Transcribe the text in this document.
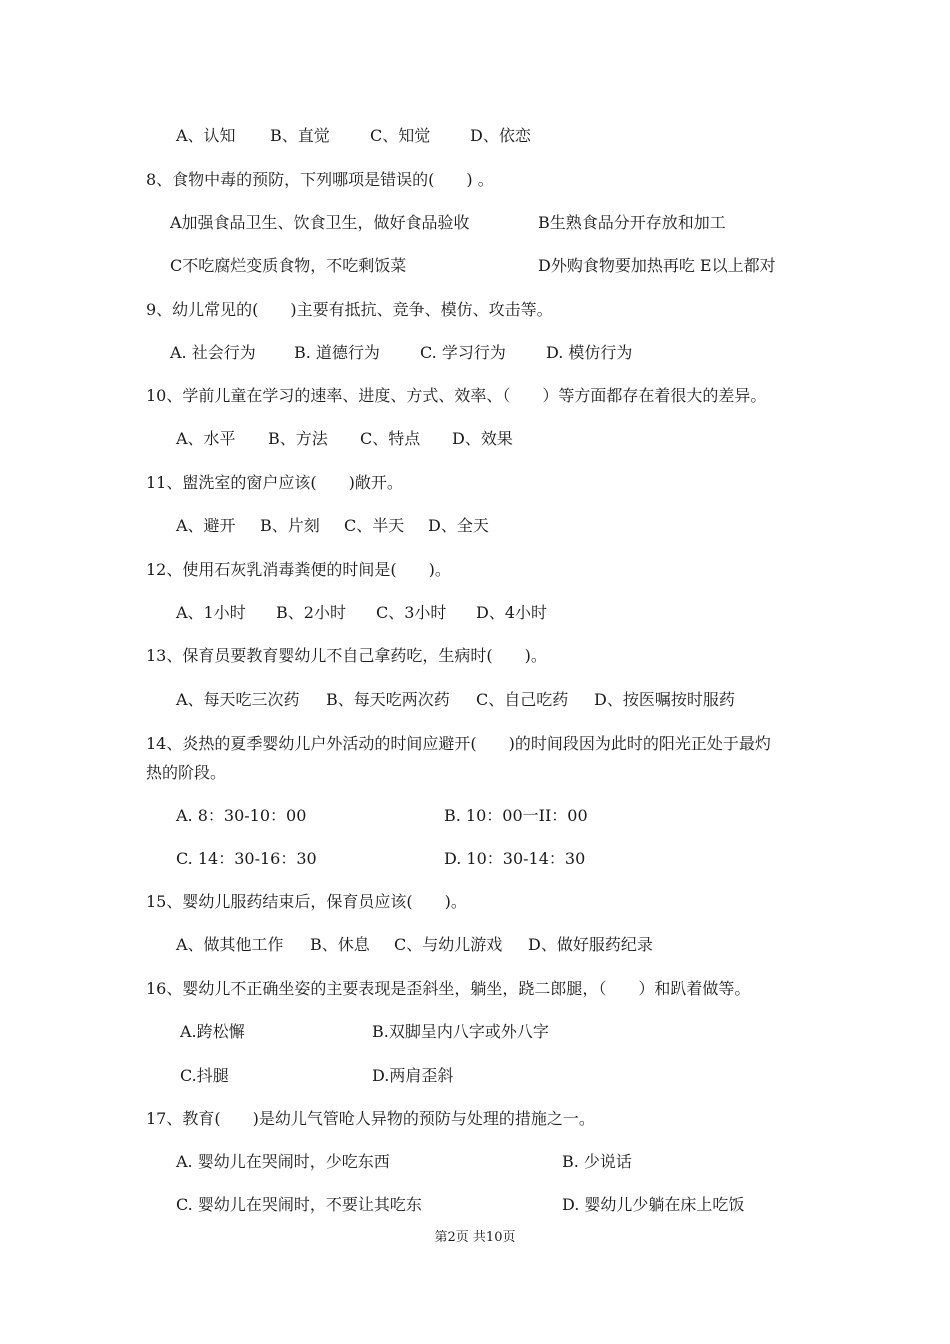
A、认知 B、直觉	C、知觉 D、依恋
8、食物中毒的预防，下列哪项是错误的(　　) 。
A加强食品卫生、饮食卫生，做好食品验收	B生熟食品分开存放和加工
C不吃腐烂变质食物，不吃剩饭菜	D外购食物要加热再吃 E以上都对
9、幼儿常见的(　　)主要有抵抗、竞争、模仿、攻击等。
A. 社会行为 B. 道德行为	C. 学习行为	D. 模仿行为
10、学前儿童在学习的速率、进度、方式、效率、（　　）等方面都存在着很大的差异。
A、水平 B、方法 C、特点 D、效果
11、盥洗室的窗户应该(　　)敞开。
A、避开 B、片刻 C、半天 D、全天
12、使用石灰乳消毒粪便的时间是(　　)。
A、1小时 B、2小时 C、3小时 D、4小时
13、保育员要教育婴幼儿不自己拿药吃，生病时(　　)。
A、每天吃三次药 B、每天吃两次药 C、自己吃药 D、按医嘱按时服药
14、炎热的夏季婴幼儿户外活动的时间应避开(　　)的时间段因为此时的阳光正处于最灼
热的阶段。
A. 8：30-10：00	B. 10：00一II：00
C. 14：30-16：30	D. 10：30-14：30
15、婴幼儿服药结束后，保育员应该(　　)。
A、做其他工作 B、休息 C、与幼儿游戏 D、做好服药纪录
16、婴幼儿不正确坐姿的主要表现是歪斜坐，躺坐，跷二郎腿，（　　）和趴着做等。
A.跨松懈	B.双脚呈内八字或外八字
C.抖腿	D.两肩歪斜
17、教育(　　)是幼儿气管呛人异物的预防与处理的措施之一。
A. 婴幼儿在哭闹时，少吃东西	B. 少说话
C. 婴幼儿在哭闹时，不要让其吃东	D. 婴幼儿少躺在床上吃饭
第2页 共10页
